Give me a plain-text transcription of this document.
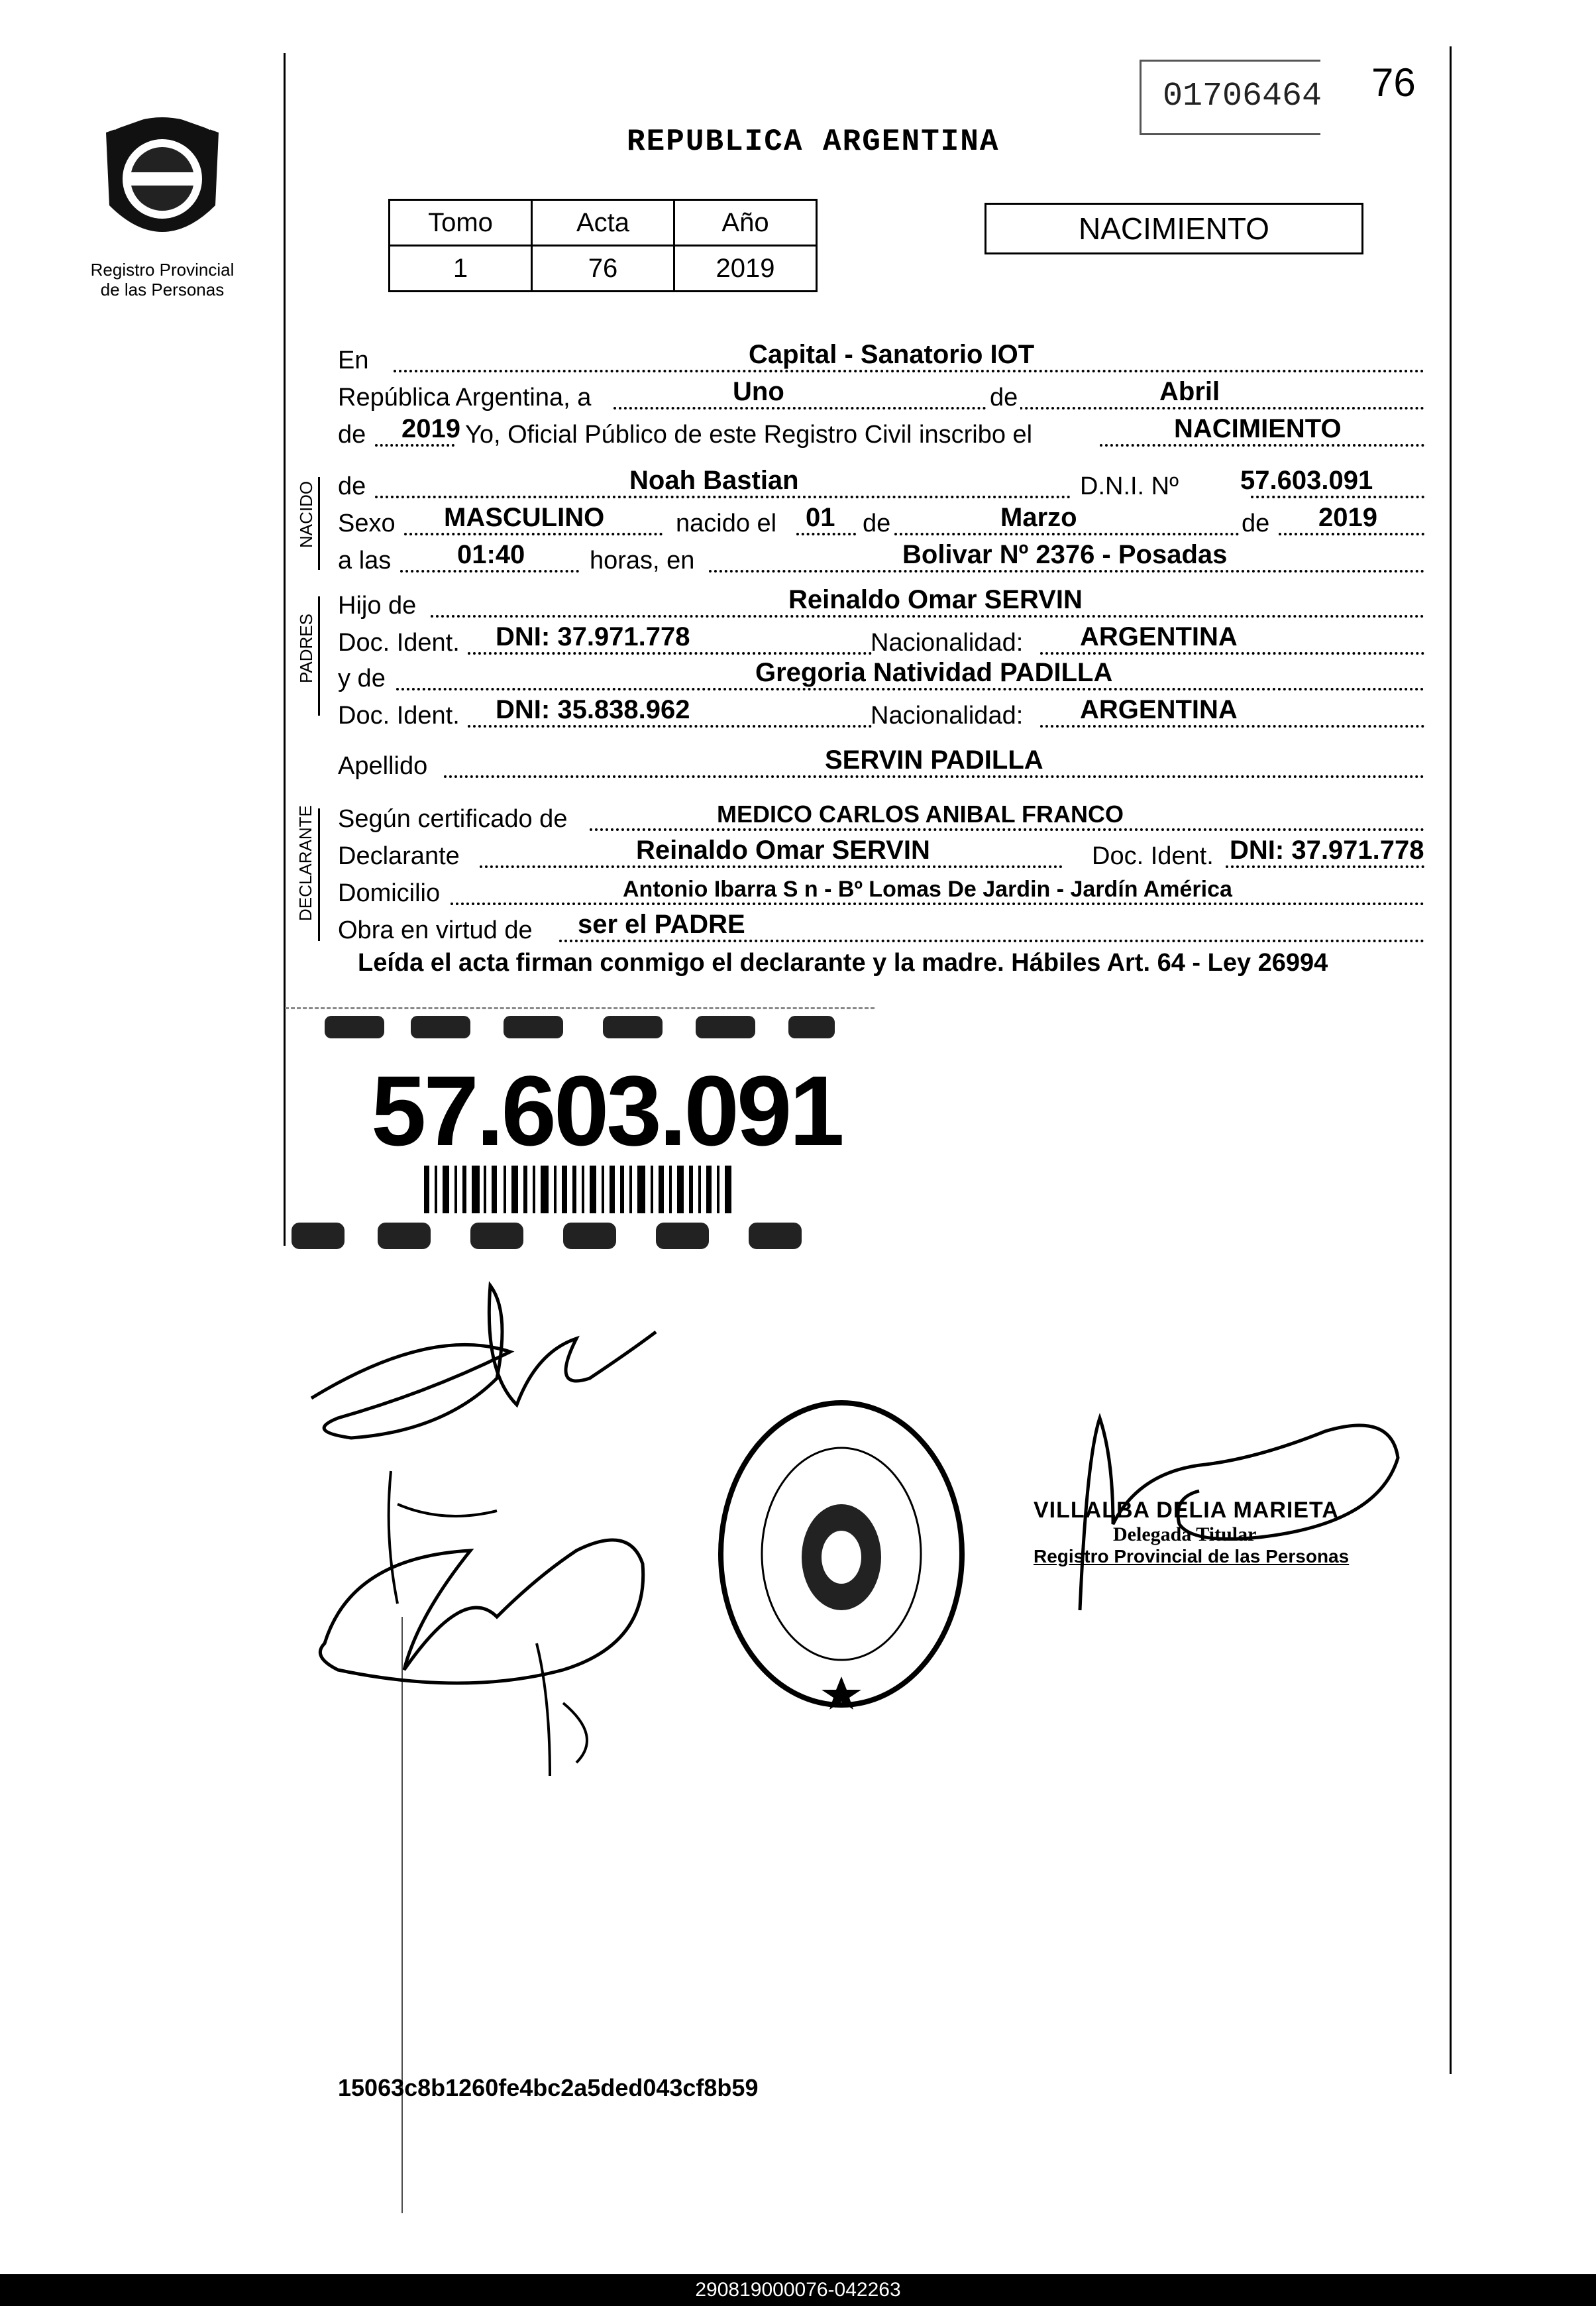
Registro Provincial
de las Personas
01706464 76
REPUBLICA ARGENTINA
Tomo	Acta	Año
1	76	2019
NACIMIENTO
NACIDO
PADRES
DECLARANTE
En	Capital - Sanatorio IOT
República Argentina, a	Uno	de	Abril
de 2019 Yo, Oficial Público de este Registro Civil inscribo el	NACIMIENTO
de	Noah Bastian	D.N.I. Nº 57.603.091
Sexo MASCULINO	nacido el 01 de	Marzo	de 2019
a las 01:40	horas, en	Bolivar Nº 2376 - Posadas
Hijo de	Reinaldo Omar SERVIN
Doc. Ident. DNI: 37.971.778	Nacionalidad: ARGENTINA
y de	Gregoria Natividad PADILLA
Doc. Ident. DNI: 35.838.962	Nacionalidad: ARGENTINA
Apellido	SERVIN PADILLA
Según certificado de	MEDICO CARLOS ANIBAL FRANCO
Declarante	Reinaldo Omar SERVIN	Doc. Ident. DNI: 37.971.778
Domicilio	Antonio Ibarra S n - Bº Lomas De Jardin - Jardín América
Obra en virtud de ser el PADRE
Leída el acta firman conmigo el declarante y la madre. Hábiles Art. 64 - Ley 26994
57.603.091
VILLALBA DELIA MARIETA
Delegada Titular
Registro Provincial de las Personas
15063c8b1260fe4bc2a5ded043cf8b59
290819000076-042263
